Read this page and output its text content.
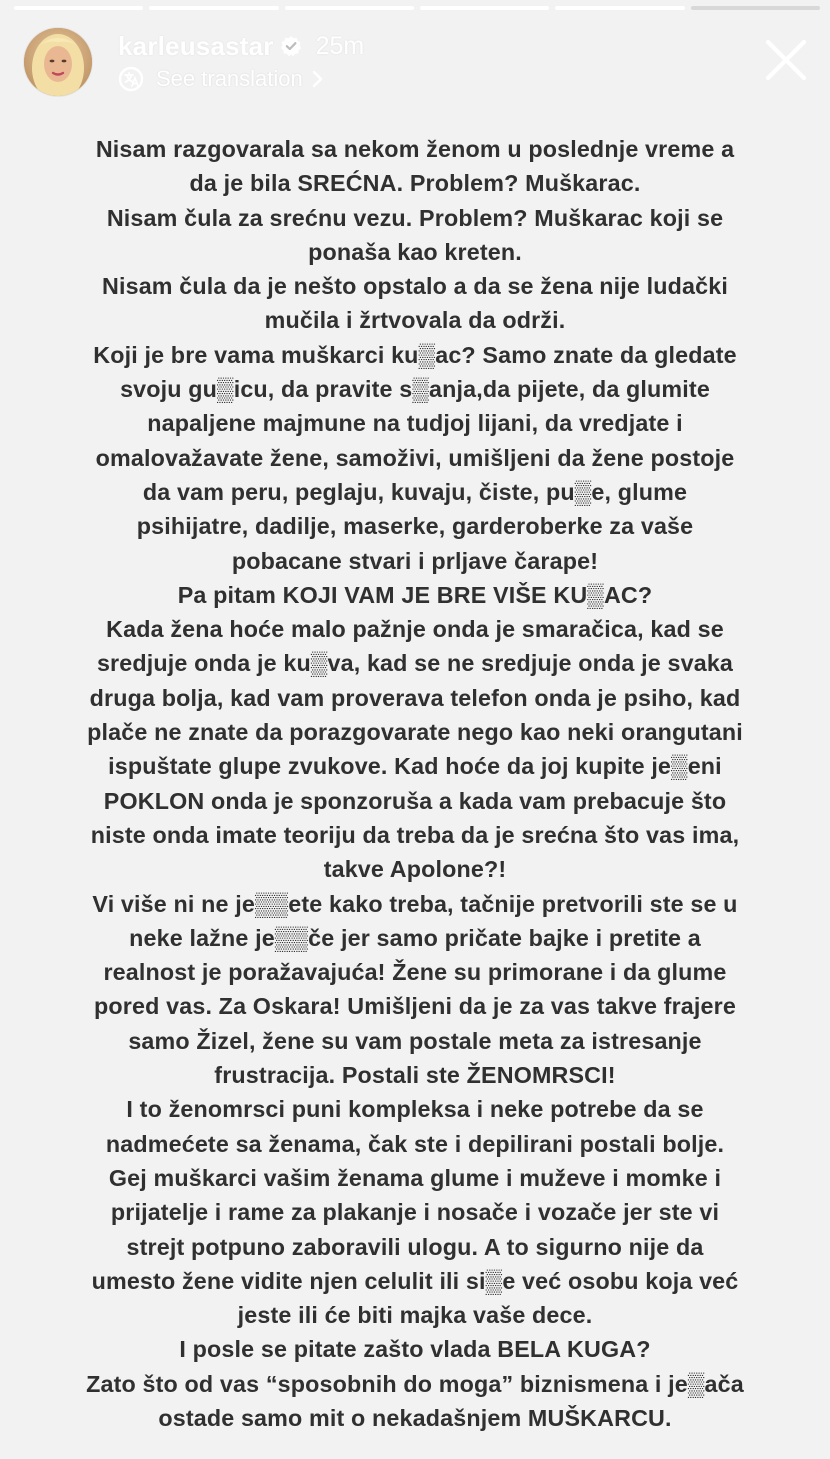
karleusastar 25m
See translation
Nisam razgovarala sa nekom ženom u poslednje vreme a
da je bila SREĆNA. Problem? Muškarac.
Nisam čula za srećnu vezu. Problem? Muškarac koji se
ponaša kao kreten.
Nisam čula da je nešto opstalo a da se žena nije ludački
mučila i žrtvovala da održi.
Koji je bre vama muškarci ku▒ac? Samo znate da gledate
svoju gu▒icu, da pravite s▒anja,da pijete, da glumite
napaljene majmune na tudjoj lijani, da vredjate i
omalovažavate žene, samoživi, umišljeni da žene postoje
da vam peru, peglaju, kuvaju, čiste, pu▒e, glume
psihijatre, dadilje, maserke, garderoberke za vaše
pobacane stvari i prljave čarape!
Pa pitam KOJI VAM JE BRE VIŠE KU▒AC?
Kada žena hoće malo pažnje onda je smaračica, kad se
sredjuje onda je ku▒va, kad se ne sredjuje onda je svaka
druga bolja, kad vam proverava telefon onda je psiho, kad
plače ne znate da porazgovarate nego kao neki orangutani
ispuštate glupe zvukove. Kad hoće da joj kupite je▒eni
POKLON onda je sponzoruša a kada vam prebacuje što
niste onda imate teoriju da treba da je srećna što vas ima,
takve Apolone?!
Vi više ni ne je▒▒ete kako treba, tačnije pretvorili ste se u
neke lažne je▒▒če jer samo pričate bajke i pretite a
realnost je poražavajuća! Žene su primorane i da glume
pored vas. Za Oskara! Umišljeni da je za vas takve frajere
samo Žizel, žene su vam postale meta za istresanje
frustracija. Postali ste ŽENOMRSCI!
I to ženomrsci puni kompleksa i neke potrebe da se
nadmećete sa ženama, čak ste i depilirani postali bolje.
Gej muškarci vašim ženama glume i muževe i momke i
prijatelje i rame za plakanje i nosače i vozače jer ste vi
strejt potpuno zaboravili ulogu. A to sigurno nije da
umesto žene vidite njen celulit ili si▒e već osobu koja već
jeste ili će biti majka vaše dece.
I posle se pitate zašto vlada BELA KUGA?
Zato što od vas “sposobnih do moga” biznismena i je▒ača
ostade samo mit o nekadašnjem MUŠKARCU.
